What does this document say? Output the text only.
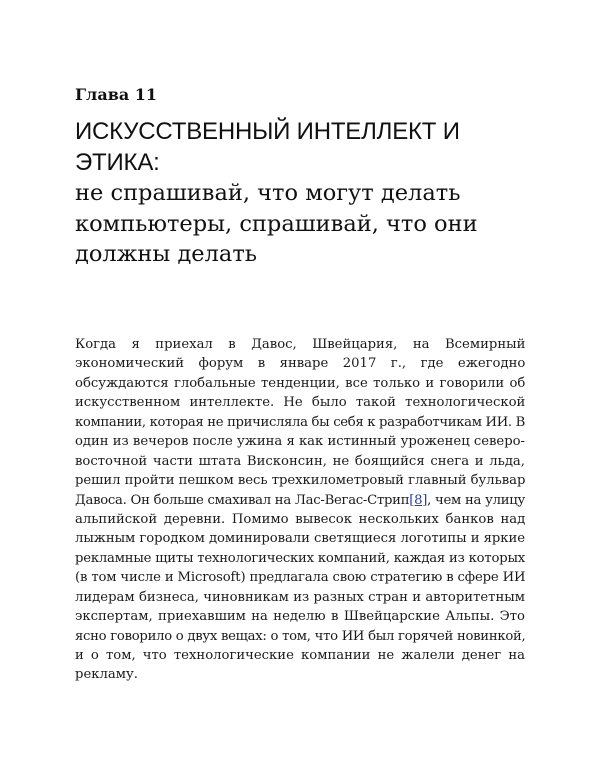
Глава 11
ИСКУССТВЕННЫЙ ИНТЕЛЛЕКТ И
ЭТИКА:
не спрашивай, что могут делать
компьютеры, спрашивай, что они
должны делать
Когда я приехал в Давос, Швейцария, на Всемирный
экономический форум в январе 2017 г., где ежегодно
обсуждаются глобальные тенденции, все только и говорили об
искусственном интеллекте. Не было такой технологической
компании, которая не причисляла бы себя к разработчикам ИИ. В
один из вечеров после ужина я как истинный уроженец северо-
восточной части штата Висконсин, не боящийся снега и льда,
решил пройти пешком весь трехкилометровый главный бульвар
Давоса. Он больше смахивал на Лас-Вегас-Стрип[8], чем на улицу
альпийской деревни. Помимо вывесок нескольких банков над
лыжным городком доминировали светящиеся логотипы и яркие
рекламные щиты технологических компаний, каждая из которых
(в том числе и Microsoft) предлагала свою стратегию в сфере ИИ
лидерам бизнеса, чиновникам из разных стран и авторитетным
экспертам, приехавшим на неделю в Швейцарские Альпы. Это
ясно говорило о двух вещах: о том, что ИИ был горячей новинкой,
и о том, что технологические компании не жалели денег на
рекламу.
